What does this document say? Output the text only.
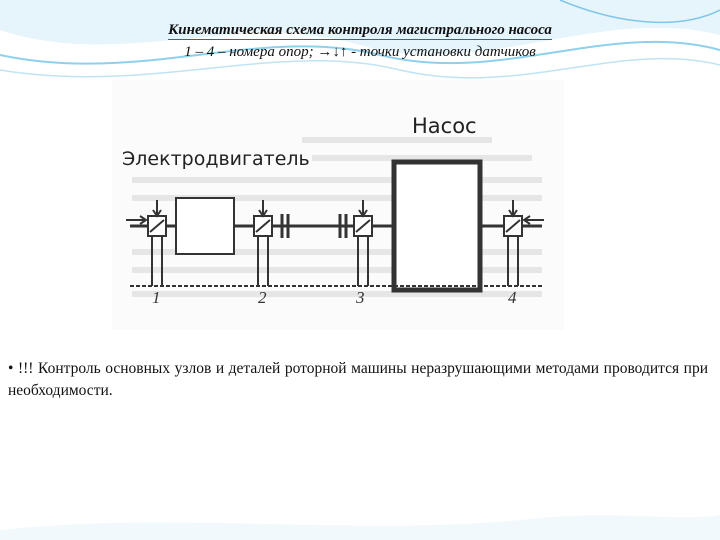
Кинематическая схема контроля магистрального насоса
1 – 4 – номера опор; →↓↑ - точки установки датчиков
Насос
Электродвигатель
1	2	3	4
• !!! Контроль основных узлов и деталей роторной машины неразрушающими методами проводится при необходимости.
